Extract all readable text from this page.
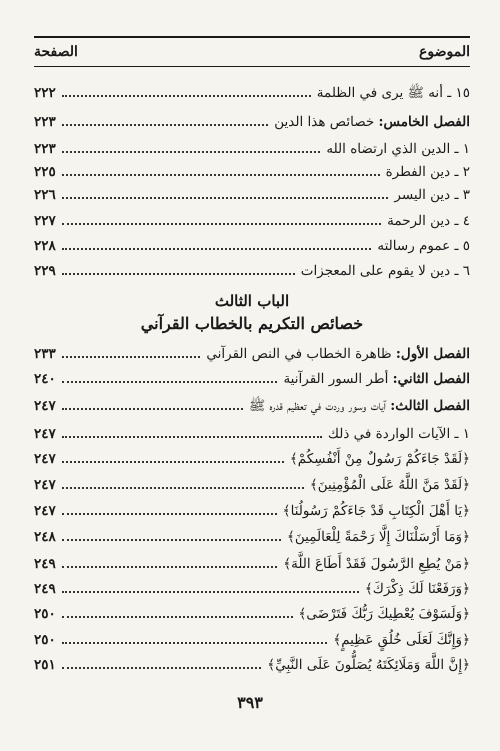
الموضوع
الصفحة
١٥ ـ أنه ﷺ يرى في الظلمة
٢٢٢
الفصل الخامس: خصائص هذا الدين
٢٢٣
١ ـ الدين الذي ارتضاه الله
٢٢٣
٢ ـ دين الفطرة
٢٢٥
٣ ـ دين اليسر
٢٢٦
٤ ـ دين الرحمة
٢٢٧
٥ ـ عموم رسالته
٢٢٨
٦ ـ دين لا يقوم على المعجزات
٢٢٩
الفصل الأول: ظاهرة الخطاب في النص القرآني
٢٣٣
الفصل الثاني: أطر السور القرآنية
٢٤٠
الفصل الثالث: آيات وسور وردت في تعظيم قدره ﷺ
٢٤٧
١ ـ الآيات الواردة في ذلك
٢٤٧
﴿لَقَدْ جَاءَكُمْ رَسُولٌ مِنْ أَنْفُسِكُمْ﴾
٢٤٧
﴿لَقَدْ مَنَّ اللَّهُ عَلَى الْمُؤْمِنِينَ﴾
٢٤٧
﴿يَا أَهْلَ الْكِتَابِ قَدْ جَاءَكُمْ رَسُولُنَا﴾
٢٤٧
﴿وَمَا أَرْسَلْنَاكَ إِلَّا رَحْمَةً لِلْعَالَمِينَ﴾
٢٤٨
﴿مَنْ يُطِعِ الرَّسُولَ فَقَدْ أَطَاعَ اللَّهَ﴾
٢٤٩
﴿وَرَفَعْنَا لَكَ ذِكْرَكَ﴾
٢٤٩
﴿وَلَسَوْفَ يُعْطِيكَ رَبُّكَ فَتَرْضَى﴾
٢٥٠
﴿وَإِنَّكَ لَعَلَى خُلُقٍ عَظِيمٍ﴾
٢٥٠
﴿إِنَّ اللَّهَ وَمَلَائِكَتَهُ يُصَلُّونَ عَلَى النَّبِيِّ﴾
٢٥١
الباب الثالث
خصائص التكريم بالخطاب القرآني
٣٩٣
